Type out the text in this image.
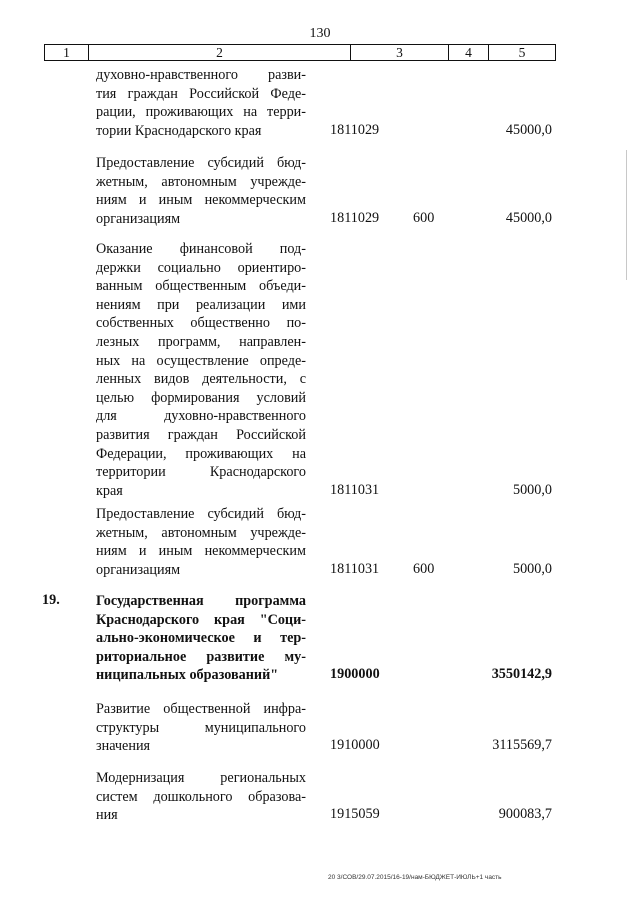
130
1	2	3	4	5
духовно-нравственного разви-
тия граждан Российской Феде-
рации, проживающих на терри-
тории Краснодарского края	1811029	45000,0
Предоставление субсидий бюд-
жетным, автономным учрежде-
ниям и иным некоммерческим
организациям	1811029 600	45000,0
Оказание финансовой под-
держки социально ориентиро-
ванным общественным объеди-
нениям при реализации ими
собственных общественно по-
лезных программ, направлен-
ных на осуществление опреде-
ленных видов деятельности, с
целью формирования условий
для духовно-нравственного
развития граждан Российской
Федерации, проживающих на
территории Краснодарского
края	1811031	5000,0
Предоставление субсидий бюд-
жетным, автономным учрежде-
ниям и иным некоммерческим
организациям	1811031 600	5000,0
19.	Государственная программа
Краснодарского края "Соци-
ально-экономическое и тер-
риториальное развитие му-
ниципальных образований"	1900000	3550142,9
Развитие общественной инфра-
структуры муниципального
значения	1910000	3115569,7
Модернизация региональных
систем дошкольного образова-
ния	1915059	900083,7
20 3/СОВ/29.07.2015/16-19/нам-БЮДЖЕТ-ИЮЛЬ+1 часть
